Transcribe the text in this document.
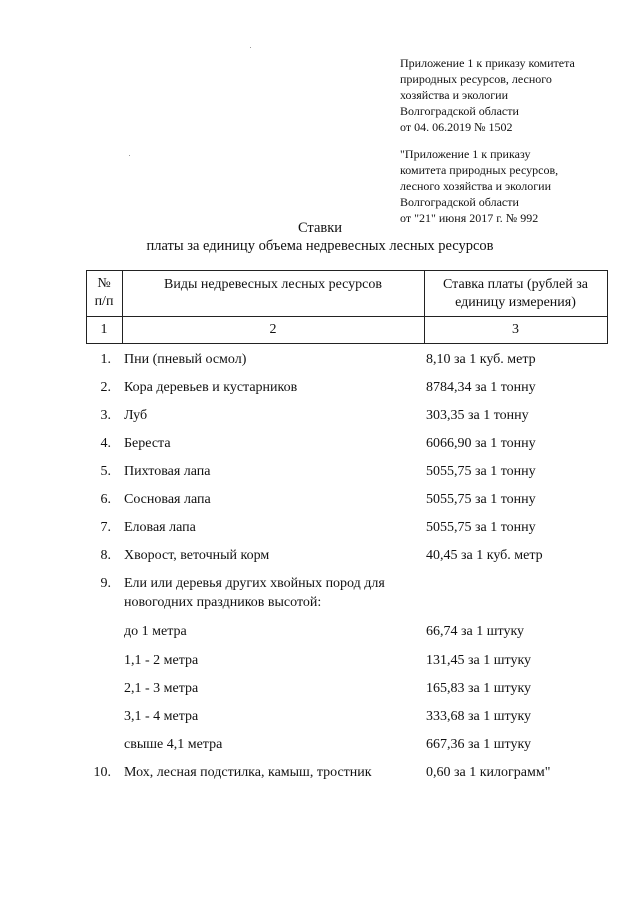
Приложение 1 к приказу комитета
природных ресурсов, лесного
хозяйства и экологии
Волгоградской области
от 04. 06.2019 № 1502
"Приложение 1 к приказу
комитета природных ресурсов,
лесного хозяйства и экологии
Волгоградской области
от "21" июня 2017 г. № 992
Ставки
платы за единицу объема недревесных лесных ресурсов
№
п/п
Виды недревесных лесных ресурсов	Ставка платы (рублей за
единицу измерения)
1	2	3
1. Пни (пневый осмол)	8,10 за 1 куб. метр
2. Кора деревьев и кустарников	8784,34 за 1 тонну
3. Луб	303,35 за 1 тонну
4. Береста	6066,90 за 1 тонну
5. Пихтовая лапа	5055,75 за 1 тонну
6. Сосновая лапа	5055,75 за 1 тонну
7. Еловая лапа	5055,75 за 1 тонну
8. Хворост, веточный корм	40,45 за 1 куб. метр
9. Ели или деревья других хвойных пород для
новогодних праздников высотой:
до 1 метра	66,74 за 1 штуку
1,1 - 2 метра	131,45 за 1 штуку
2,1 - 3 метра	165,83 за 1 штуку
3,1 - 4 метра	333,68 за 1 штуку
свыше 4,1 метра	667,36 за 1 штуку
10. Мох, лесная подстилка, камыш, тростник	0,60 за 1 килограмм"
